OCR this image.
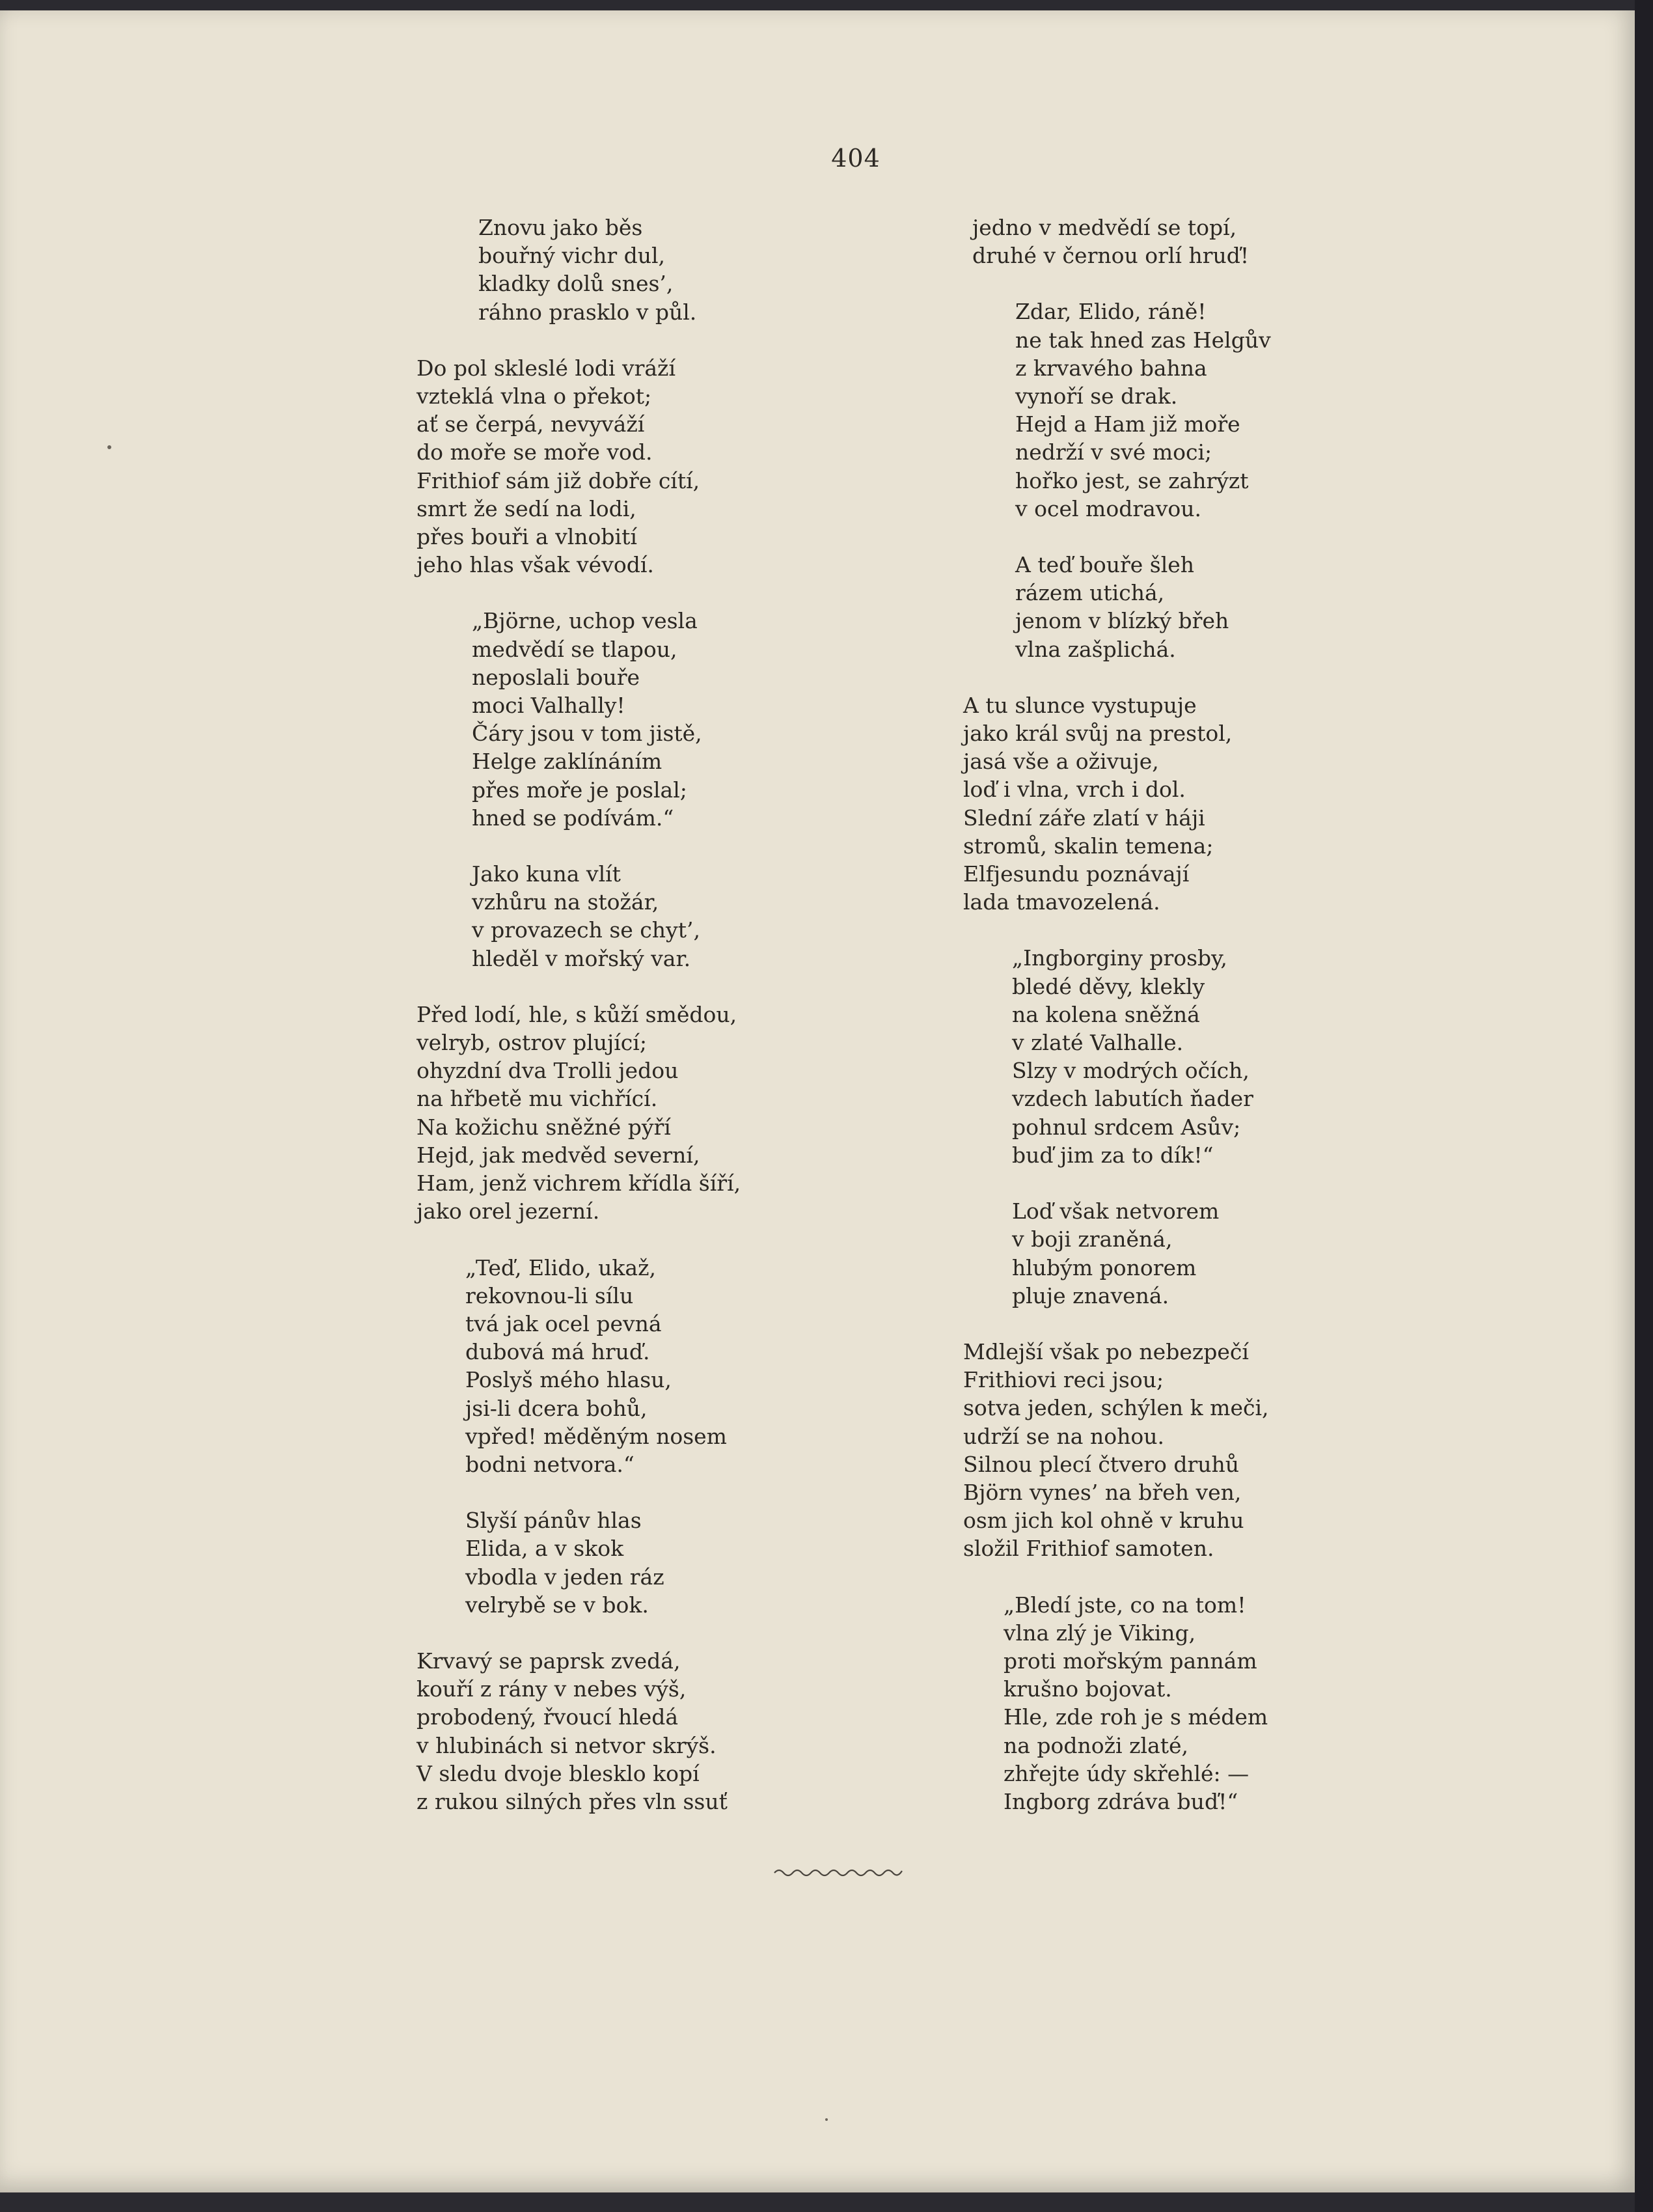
404
Znovu jako běs
bouřný vichr dul,
kladky dolů snes’,
ráhno prasklo v půl.
Do pol skleslé lodi vráží
vzteklá vlna o překot;
ať se čerpá, nevyváží
do moře se moře vod.
Frithiof sám již dobře cítí,
smrt že sedí na lodi,
přes bouři a vlnobití
jeho hlas však vévodí.
„Björne, uchop vesla
medvědí se tlapou,
neposlali bouře
moci Valhally!
Čáry jsou v tom jistě,
Helge zaklínáním
přes moře je poslal;
hned se podívám.“
Jako kuna vlít
vzhůru na stožár,
v provazech se chyt’,
hleděl v mořský var.
Před lodí, hle, s kůží smědou,
velryb, ostrov plující;
ohyzdní dva Trolli jedou
na hřbetě mu vichřící.
Na kožichu sněžné pýří
Hejd, jak medvěd severní,
Ham, jenž vichrem křídla šíří,
jako orel jezerní.
„Teď, Elido, ukaž,
rekovnou-li sílu
tvá jak ocel pevná
dubová má hruď.
Poslyš mého hlasu,
jsi-li dcera bohů,
vpřed! měděným nosem
bodni netvora.“
Slyší pánův hlas
Elida, a v skok
vbodla v jeden ráz
velrybě se v bok.
Krvavý se paprsk zvedá,
kouří z rány v nebes výš,
probodený, řvoucí hledá
v hlubinách si netvor skrýš.
V sledu dvoje blesklo kopí
z rukou silných přes vln ssuť
jedno v medvědí se topí,
druhé v černou orlí hruď!
Zdar, Elido, ráně!
ne tak hned zas Helgův
z krvavého bahna
vynoří se drak.
Hejd a Ham již moře
nedrží v své moci;
hořko jest, se zahrýzt
v ocel modravou.
A teď bouře šleh
rázem utichá,
jenom v blízký břeh
vlna zašplichá.
A tu slunce vystupuje
jako král svůj na prestol,
jasá vše a oživuje,
loď i vlna, vrch i dol.
Slední záře zlatí v háji
stromů, skalin temena;
Elfjesundu poznávají
lada tmavozelená.
„Ingborginy prosby,
bledé děvy, klekly
na kolena sněžná
v zlaté Valhalle.
Slzy v modrých očích,
vzdech labutích ňader
pohnul srdcem Asův;
buď jim za to dík!“
Loď však netvorem
v boji zraněná,
hlubým ponorem
pluje znavená.
Mdlejší však po nebezpečí
Frithiovi reci jsou;
sotva jeden, schýlen k meči,
udrží se na nohou.
Silnou plecí čtvero druhů
Björn vynes’ na břeh ven,
osm jich kol ohně v kruhu
složil Frithiof samoten.
„Bledí jste, co na tom!
vlna zlý je Viking,
proti mořským pannám
krušno bojovat.
Hle, zde roh je s médem
na podnoži zlaté,
zhřejte údy skřehlé: —
Ingborg zdráva buď!“
